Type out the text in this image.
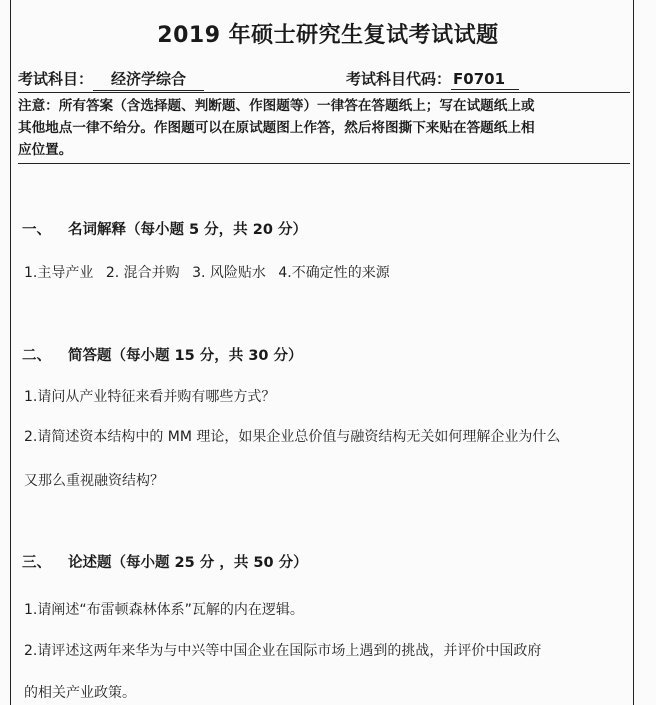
2019 年硕士研究生复试考试试题
考试科目： 经济学综合	考试科目代码： F0701
注意：所有答案（含选择题、判断题、作图题等）一律答在答题纸上；写在试题纸上或
其他地点一律不给分。作图题可以在原试题图上作答，然后将图撕下来贴在答题纸上相
应位置。
一、 名词解释（每小题 5 分，共 20 分）
1.主导产业 2. 混合并购 3. 风险贴水 4.不确定性的来源
二、 简答题（每小题 15 分，共 30 分）
1.请问从产业特征来看并购有哪些方式？
2.请简述资本结构中的 MM 理论，如果企业总价值与融资结构无关如何理解企业为什么
又那么重视融资结构？
三、 论述题（每小题 25 分 ，共 50 分）
1.请阐述“布雷顿森林体系”瓦解的内在逻辑。
2.请评述这两年来华为与中兴等中国企业在国际市场上遇到的挑战，并评价中国政府
的相关产业政策。
